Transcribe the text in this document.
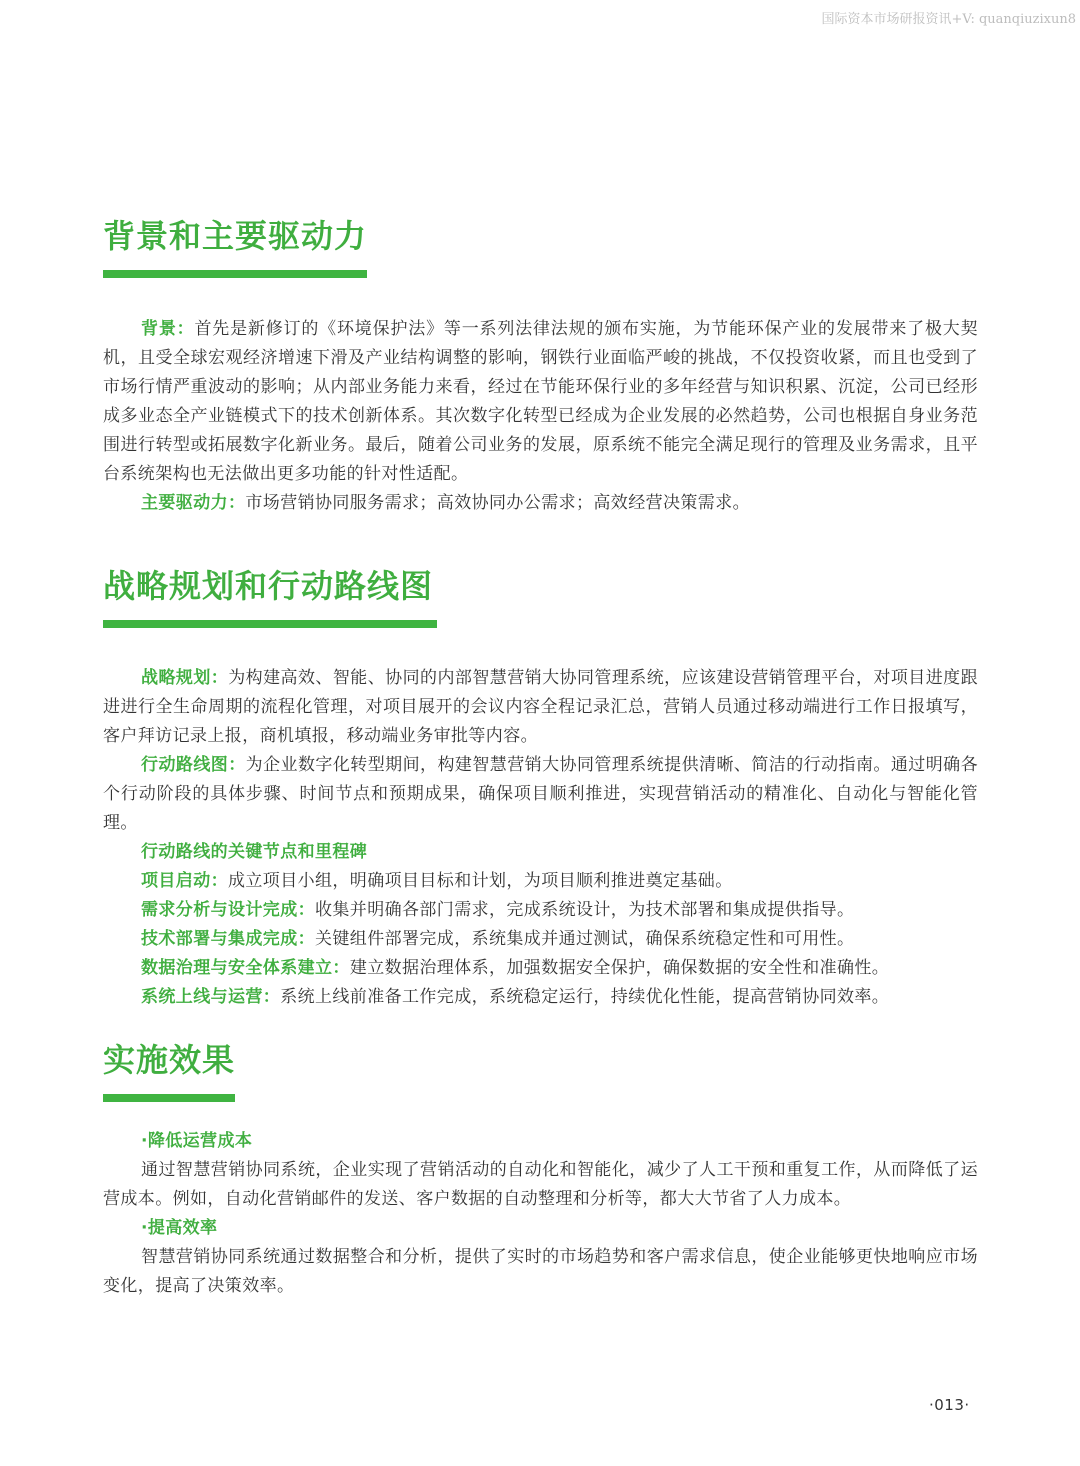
国际资本市场研报资讯+V: quanqiuzixun8
背景和主要驱动力

背景：首先是新修订的《环境保护法》等一系列法律法规的颁布实施，为节能环保产业的发展带来了极大契机，且受全球宏观经济增速下滑及产业结构调整的影响，钢铁行业面临严峻的挑战，不仅投资收紧，而且也受到了市场行情严重波动的影响；从内部业务能力来看，经过在节能环保行业的多年经营与知识积累、沉淀，公司已经形成多业态全产业链模式下的技术创新体系。其次数字化转型已经成为企业发展的必然趋势，公司也根据自身业务范围进行转型或拓展数字化新业务。最后，随着公司业务的发展，原系统不能完全满足现行的管理及业务需求，且平台系统架构也无法做出更多功能的针对性适配。

主要驱动力：市场营销协同服务需求；高效协同办公需求；高效经营决策需求。

战略规划和行动路线图

战略规划：为构建高效、智能、协同的内部智慧营销大协同管理系统，应该建设营销管理平台，对项目进度跟进进行全生命周期的流程化管理，对项目展开的会议内容全程记录汇总，营销人员通过移动端进行工作日报填写，客户拜访记录上报，商机填报，移动端业务审批等内容。

行动路线图：为企业数字化转型期间，构建智慧营销大协同管理系统提供清晰、简洁的行动指南。通过明确各个行动阶段的具体步骤、时间节点和预期成果，确保项目顺利推进，实现营销活动的精准化、自动化与智能化管理。

行动路线的关键节点和里程碑

项目启动：成立项目小组，明确项目目标和计划，为项目顺利推进奠定基础。

需求分析与设计完成：收集并明确各部门需求，完成系统设计，为技术部署和集成提供指导。

技术部署与集成完成：关键组件部署完成，系统集成并通过测试，确保系统稳定性和可用性。

数据治理与安全体系建立：建立数据治理体系，加强数据安全保护，确保数据的安全性和准确性。

系统上线与运营：系统上线前准备工作完成，系统稳定运行，持续优化性能，提高营销协同效率。

实施效果

·降低运营成本

通过智慧营销协同系统，企业实现了营销活动的自动化和智能化，减少了人工干预和重复工作，从而降低了运营成本。例如，自动化营销邮件的发送、客户数据的自动整理和分析等，都大大节省了人力成本。

·提高效率

智慧营销协同系统通过数据整合和分析，提供了实时的市场趋势和客户需求信息，使企业能够更快地响应市场变化，提高了决策效率。

·013·
